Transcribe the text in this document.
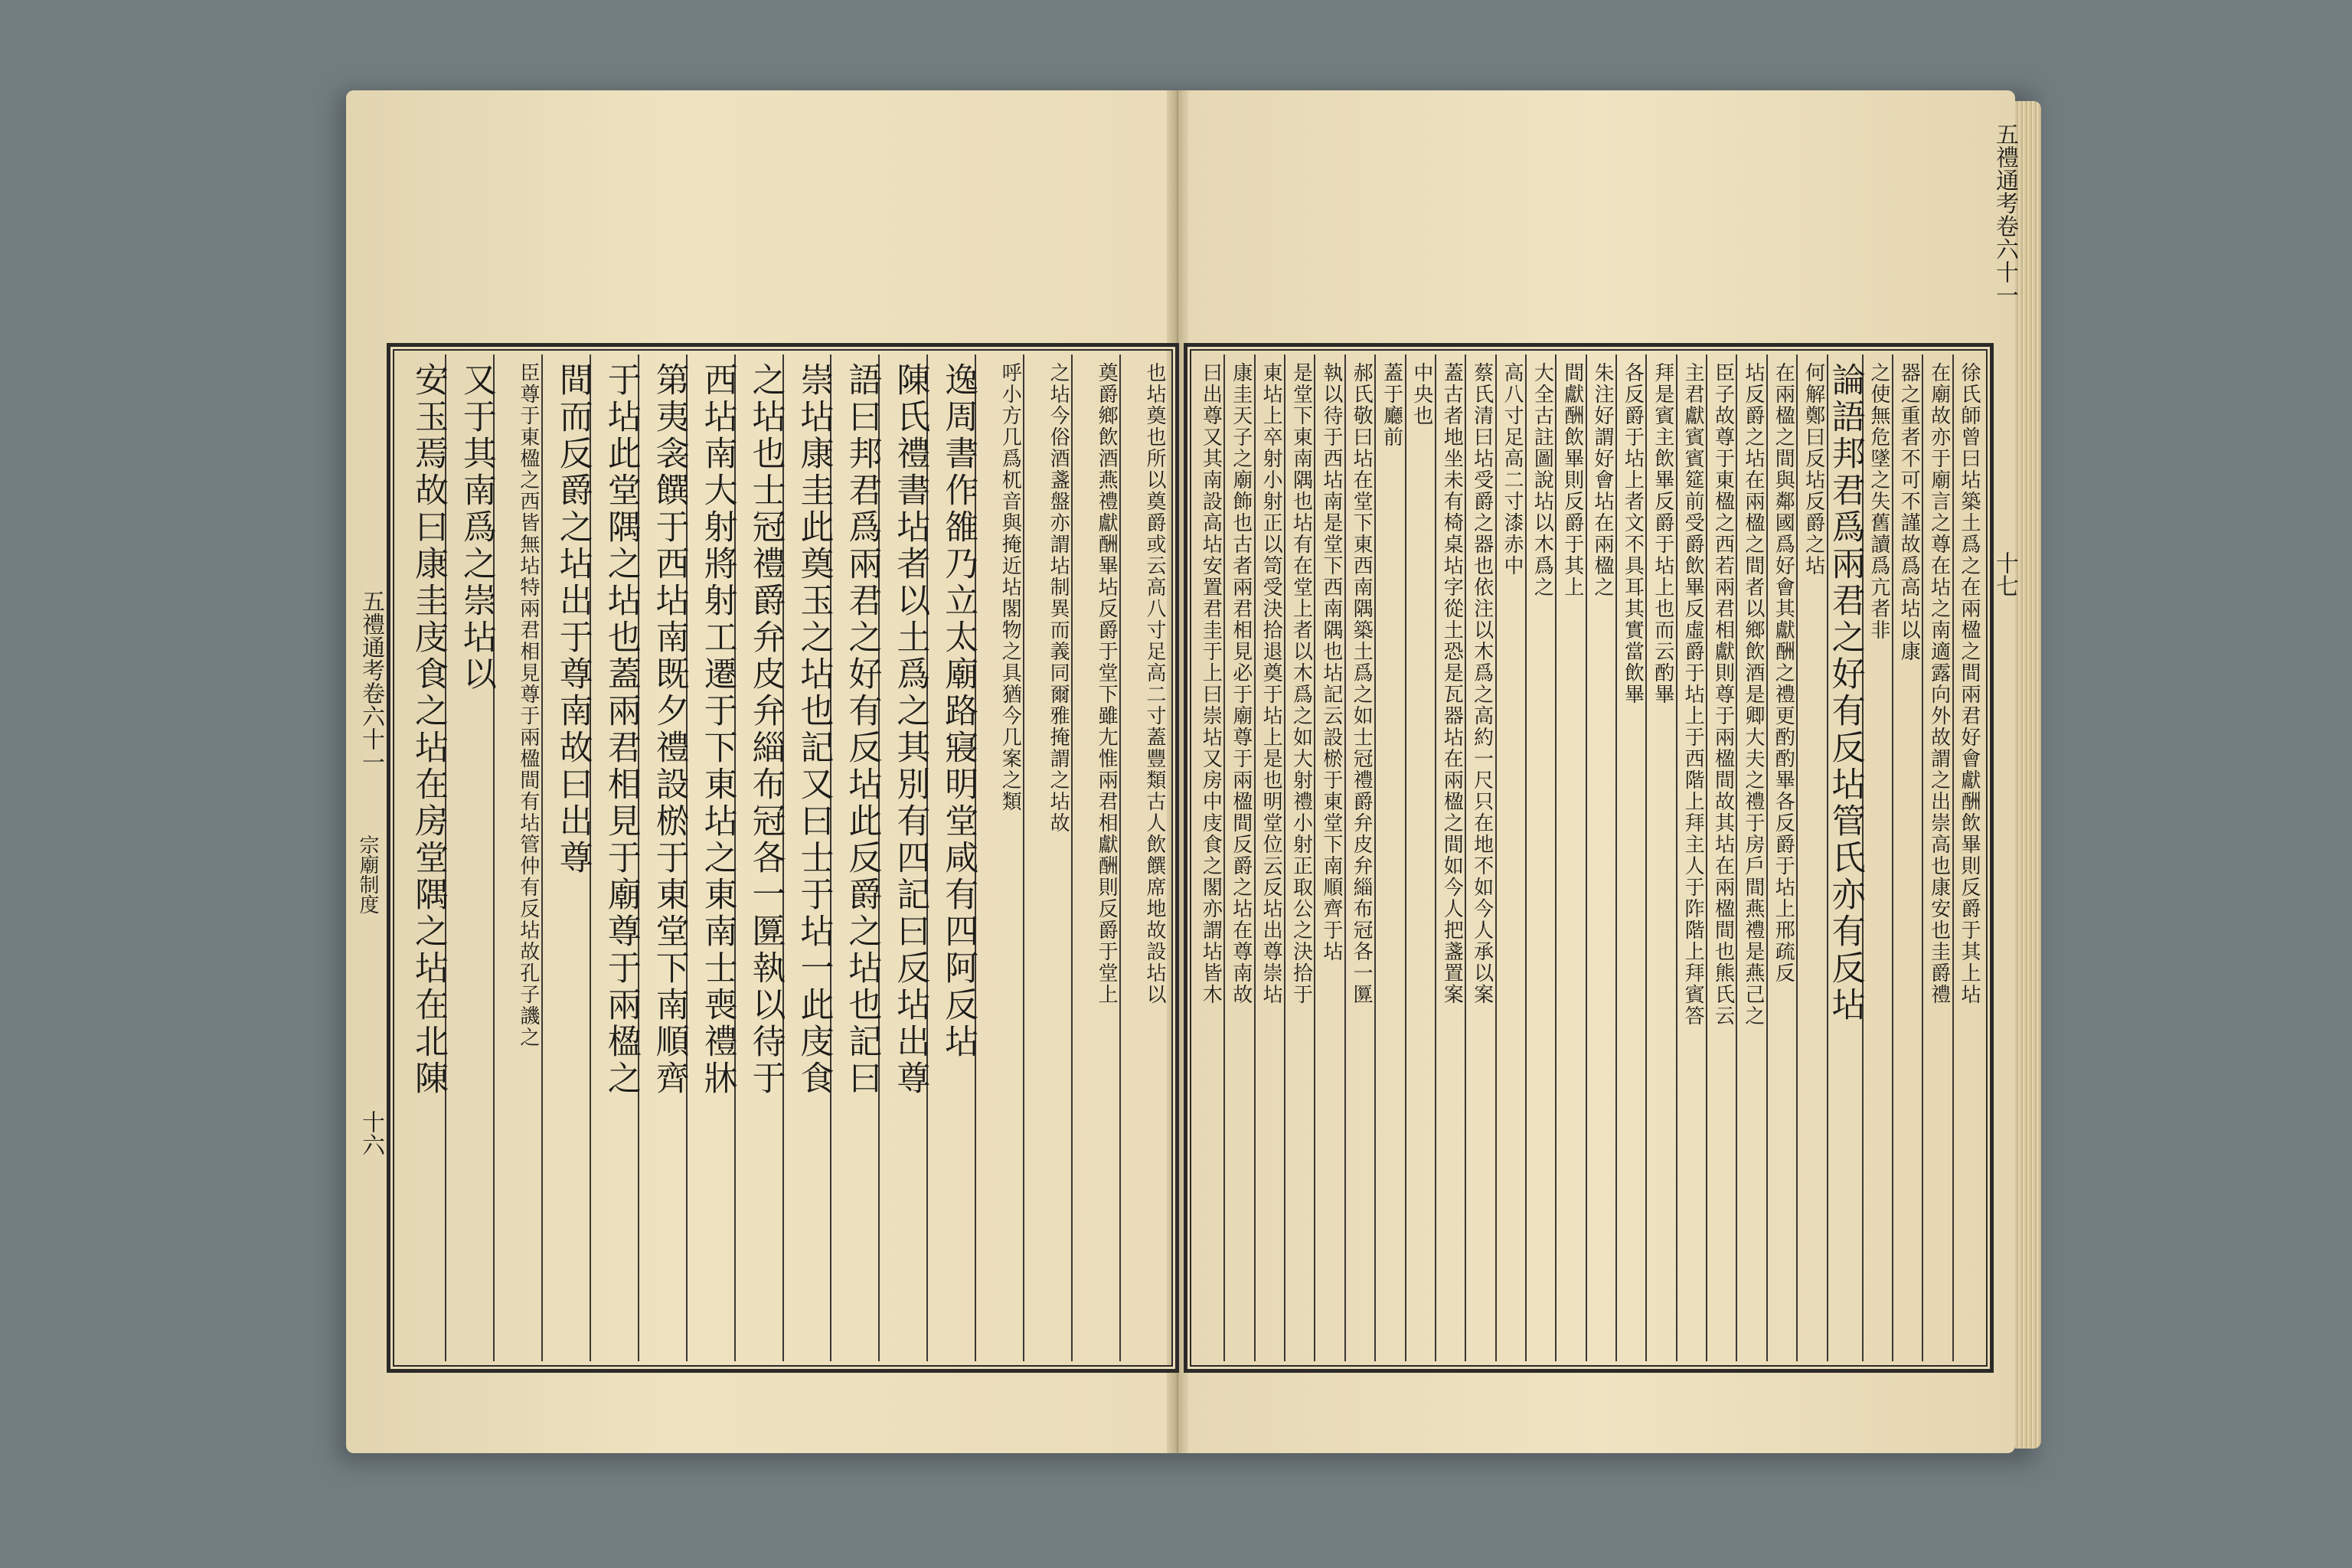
也坫奠也所以奠爵或云高八寸足高二寸蓋豐類古人飲饌席地故設坫以
奠爵鄉飲酒燕禮獻酬畢坫反爵于堂下雖尢惟兩君相獻酬則反爵于堂上
之坫今俗酒盞盤亦謂坫制異而義同爾雅掩謂之坫故
呼小方几爲杌音與掩近坫閣物之具猶今几案之類
逸周書作雒乃立太廟路寢明堂咸有四阿反坫
陳氏禮書坫者以土爲之其別有四記曰反坫出尊
語曰邦君爲兩君之好有反坫此反爵之坫也記曰
崇坫康圭此奠玉之坫也記又曰士于坫一此庋食
之坫也士冠禮爵弁皮弁緇布冠各一匴執以待于
西坫南大射將射工遷于下東坫之東南士喪禮牀
第夷衾饌于西坫南既夕禮設棜于東堂下南順齊
于坫此堂隅之坫也蓋兩君相見于廟尊于兩楹之
間而反爵之坫出于尊南故曰出尊
臣尊于東楹之西皆無坫特兩君相見尊于兩楹間有坫管仲有反坫故孔子譏之
又于其南爲之崇坫以
安玉焉故曰康圭庋食之坫在房堂隅之坫在北陳	徐氏師曾曰坫築土爲之在兩楹之間兩君好會獻酬飲畢則反爵于其上坫
在廟故亦于廟言之尊在坫之南適露向外故謂之出崇高也康安也圭爵禮
器之重者不可不謹故爲高坫以康
之使無危墜之失舊讀爲亢者非
論語邦君爲兩君之好有反坫管氏亦有反坫
何解鄭曰反坫反爵之坫
在兩楹之間與鄰國爲好會其獻酬之禮更酌酌畢各反爵于坫上邢疏反
坫反爵之坫在兩楹之間者以鄉飲酒是卿大夫之禮于房戶間燕禮是燕己之
臣子故尊于東楹之西若兩君相獻則尊于兩楹間故其坫在兩楹間也熊氏云
主君獻賓賓筵前受爵飲畢反虛爵于坫上于西階上拜主人于阼階上拜賓答
拜是賓主飲畢反爵于坫上也而云酌畢
各反爵于坫上者文不具耳其實當飲畢
朱注好謂好會坫在兩楹之
間獻酬飲畢則反爵于其上
大全古註圖說坫以木爲之
高八寸足高二寸漆赤中
蔡氏清曰坫受爵之器也依注以木爲之高約一尺只在地不如今人承以案
蓋古者地坐未有椅桌坫字從土恐是瓦器坫在兩楹之間如今人把盞置案
中央也
蓋于廳前
郝氏敬曰坫在堂下東西南隅築土爲之如士冠禮爵弁皮弁緇布冠各一匴
執以待于西坫南是堂下西南隅也坫記云設棜于東堂下南順齊于坫
是堂下東南隅也坫有在堂上者以木爲之如大射禮小射正取公之決拾于
東坫上卒射小射正以笥受決拾退奠于坫上是也明堂位云反坫出尊崇坫
康圭天子之廟飾也古者兩君相見必于廟尊于兩楹間反爵之坫在尊南故
曰出尊又其南設高坫安置君圭于上曰崇坫又房中庋食之閣亦謂坫皆木
五禮通考卷六十一
宗廟制度
十六
五禮通考卷六十一
十七
